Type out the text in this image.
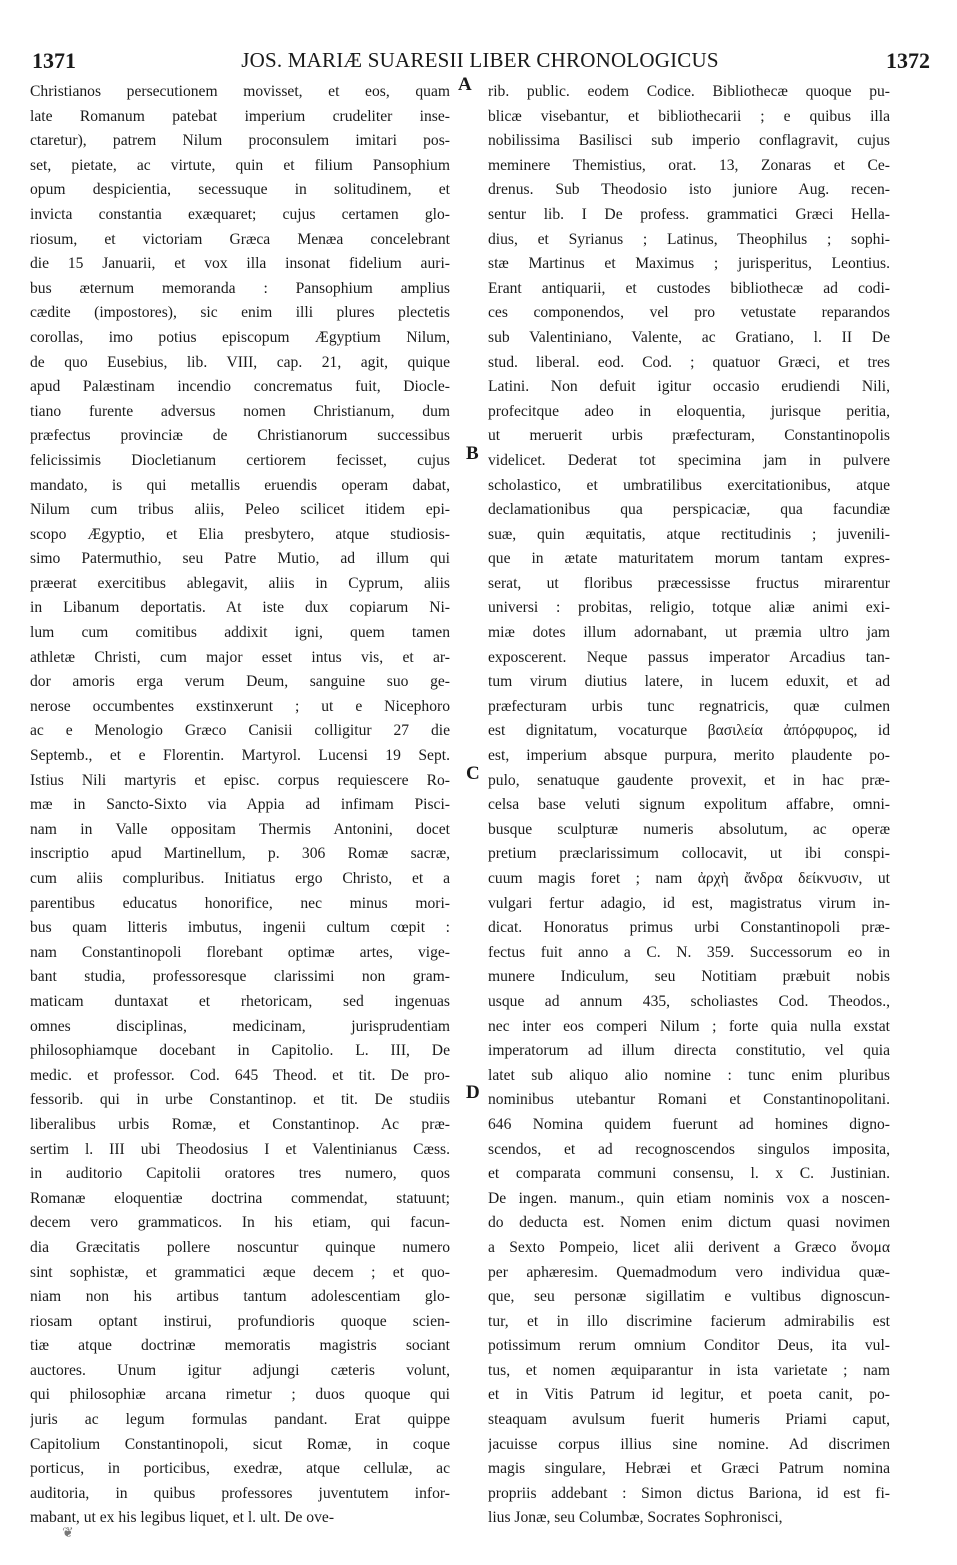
1371	JOS. MARIÆ SUARESII LIBER CHRONOLOGICUS	1372
Christianos persecutionem movisset, et eos, quam
late Romanum patebat imperium crudeliter inse-
ctaretur), patrem Nilum proconsulem imitari pos-
set, pietate, ac virtute, quin et filium Pansophium
opum despicientia, secessuque in solitudinem, et
invicta constantia exæquaret; cujus certamen glo-
riosum, et victoriam Græca Menæa concelebrant
die 15 Januarii, et vox illa insonat fidelium auri-
bus æternum memoranda : Pansophium amplius
cædite (impostores), sic enim illi plures plectetis
corollas, imo potius episcopum Ægyptium Nilum,
de quo Eusebius, lib. VIII, cap. 21, agit, quique
apud Palæstinam incendio concrematus fuit, Diocle-
tiano furente adversus nomen Christianum, dum
præfectus provinciæ de Christianorum successibus
felicissimis Diocletianum certiorem fecisset, cujus
mandato, is qui metallis eruendis operam dabat,
Nilum cum tribus aliis, Peleo scilicet itidem epi-
scopo Ægyptio, et Elia presbytero, atque studiosis-
simo Patermuthio, seu Patre Mutio, ad illum qui
præerat exercitibus ablegavit, aliis in Cyprum, aliis
in Libanum deportatis. At iste dux copiarum Ni-
lum cum comitibus addixit igni, quem tamen
athletæ Christi, cum major esset intus vis, et ar-
dor amoris erga verum Deum, sanguine suo ge-
nerose occumbentes exstinxerunt ; ut e Nicephoro
ac e Menologio Græco Canisii colligitur 27 die
Septemb., et e Florentin. Martyrol. Lucensi 19 Sept.
Istius Nili martyris et episc. corpus requiescere Ro-
mæ in Sancto-Sixto via Appia ad infimam Pisci-
nam in Valle oppositam Thermis Antonini, docet
inscriptio apud Martinellum, p. 306 Romæ sacræ,
cum aliis compluribus. Initiatus ergo Christo, et a
parentibus educatus honorifice, nec minus mori-
bus quam litteris imbutus, ingenii cultum cœpit :
nam Constantinopoli florebant optimæ artes, vige-
bant studia, professoresque clarissimi non gram-
maticam duntaxat et rhetoricam, sed ingenuas
omnes disciplinas, medicinam, jurisprudentiam
philosophiamque docebant in Capitolio. L. III, De
medic. et professor. Cod. 645 Theod. et tit. De pro-
fessorib. qui in urbe Constantinop. et tit. De studiis
liberalibus urbis Romæ, et Constantinop. Ac præ-
sertim l. III ubi Theodosius I et Valentinianus Cæss.
in auditorio Capitolii oratores tres numero, quos
Romanæ eloquentiæ doctrina commendat, statuunt;
decem vero grammaticos. In his etiam, qui facun-
dia Græcitatis pollere noscuntur quinque numero
sint sophistæ, et grammatici æque decem ; et quo-
niam non his artibus tantum adolescentiam glo-
riosam optant instirui, profundioris quoque scien-
tiæ atque doctrinæ memoratis magistris sociant
auctores. Unum igitur adjungi cæteris volunt,
qui philosophiæ arcana rimetur ; duos quoque qui
juris ac legum formulas pandant. Erat quippe
Capitolium Constantinopoli, sicut Romæ, in coque
porticus, in porticibus, exedræ, atque cellulæ, ac
auditoria, in quibus professores juventutem infor-
mabant, ut ex his legibus liquet, et l. ult. De ove-
rib. public. eodem Codice. Bibliothecæ quoque pu-
blicæ visebantur, et bibliothecarii ; e quibus illa
nobilissima Basilisci sub imperio conflagravit, cujus
meminere Themistius, orat. 13, Zonaras et Ce-
drenus. Sub Theodosio isto juniore Aug. recen-
sentur lib. I De profess. grammatici Græci Hella-
dius, et Syrianus ; Latinus, Theophilus ; sophi-
stæ Martinus et Maximus ; jurisperitus, Leontius.
Erant antiquarii, et custodes bibliothecæ ad codi-
ces componendos, vel pro vetustate reparandos
sub Valentiniano, Valente, ac Gratiano, l. II De
stud. liberal. eod. Cod. ; quatuor Græci, et tres
Latini. Non defuit igitur occasio erudiendi Nili,
profecitque adeo in eloquentia, jurisque peritia,
ut meruerit urbis præfecturam, Constantinopolis
videlicet. Dederat tot specimina jam in pulvere
scholastico, et umbratilibus exercitationibus, atque
declamationibus qua perspicaciæ, qua facundiæ
suæ, quin æquitatis, atque rectitudinis ; juvenili-
que in ætate maturitatem morum tantam expres-
serat, ut floribus præcessisse fructus mirarentur
universi : probitas, religio, totque aliæ animi exi-
miæ dotes illum adornabant, ut præmia ultro jam
exposcerent. Neque passus imperator Arcadius tan-
tum virum diutius latere, in lucem eduxit, et ad
præfecturam urbis tunc regnatricis, quæ culmen
est dignitatum, vocaturque βασιλεία ἀπόρφυρος, id
est, imperium absque purpura, merito plaudente po-
pulo, senatuque gaudente provexit, et in hac præ-
celsa base veluti signum expolitum affabre, omni-
busque sculpturæ numeris absolutum, ac operæ
pretium præclarissimum collocavit, ut ibi conspi-
cuum magis foret ; nam ἀρχὴ ἄνδρα δείκνυσιν, ut
vulgari fertur adagio, id est, magistratus virum in-
dicat. Honoratus primus urbi Constantinopoli præ-
fectus fuit anno a C. N. 359. Successorum eo in
munere Indiculum, seu Notitiam præbuit nobis
usque ad annum 435, scholiastes Cod. Theodos.,
nec inter eos comperi Nilum ; forte quia nulla exstat
imperatorum ad illum directa constitutio, vel quia
latet sub aliquo alio nomine : tunc enim pluribus
nominibus utebantur Romani et Constantinopolitani.
646 Nomina quidem fuerunt ad homines digno-
scendos, et ad recognoscendos singulos imposita,
et comparata communi consensu, l. x C. Justinian.
De ingen. manum., quin etiam nominis vox a noscen-
do deducta est. Nomen enim dictum quasi novimen
a Sexto Pompeio, licet alii derivent a Græco ὄνομα
per aphæresim. Quemadmodum vero individua quæ-
que, seu personæ sigillatim e vultibus dignoscun-
tur, et in illo discrimine facierum admirabilis est
potissimum rerum omnium Conditor Deus, ita vul-
tus, et nomen æquiparantur in ista varietate ; nam
et in Vitis Patrum id legitur, et poeta canit, po-
steaquam avulsum fuerit humeris Priami caput,
jacuisse corpus illius sine nomine. Ad discrimen
magis singulare, Hebræi et Græci Patrum nomina
propriis addebant : Simon dictus Bariona, id est fi-
lius Jonæ, seu Columbæ, Socrates Sophronisci,
A
B
C
D
❦
